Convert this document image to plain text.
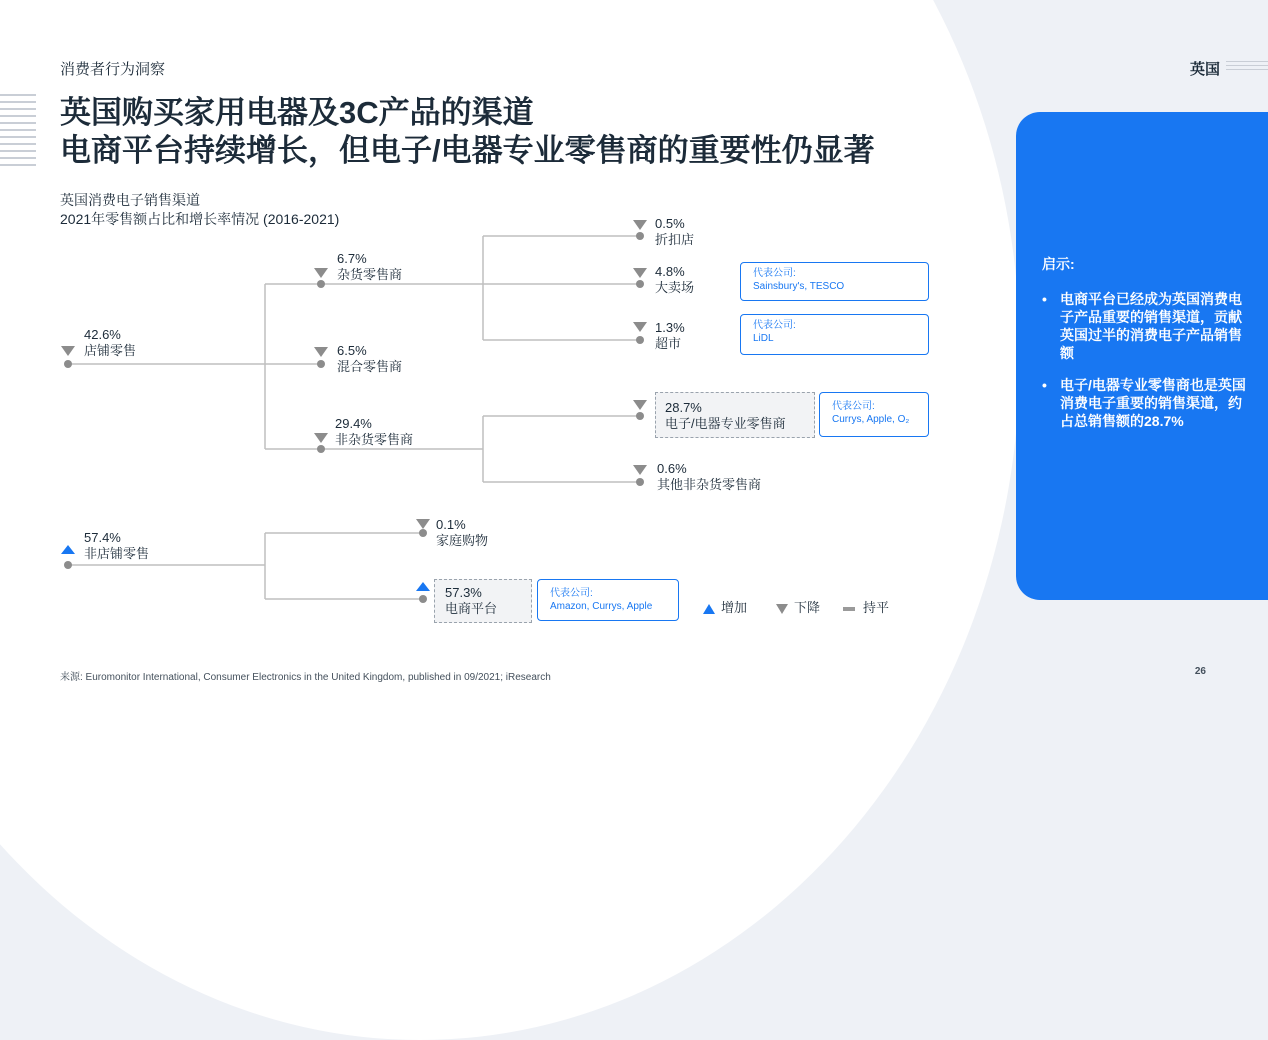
消费者行为洞察	英国
英国购买家用电器及3C产品的渠道
电商平台持续增长，但电子/电器专业零售商的重要性仍显著
英国消费电子销售渠道
2021年零售额占比和增长率情况 (2016-2021)
42.6%
店铺零售
6.7%
杂货零售商
6.5%
混合零售商
29.4%
非杂货零售商
0.5%
折扣店
4.8%
大卖场
1.3%
超市
28.7%
电子/电器专业零售商
0.6%
其他非杂货零售商
57.4%
非店铺零售
0.1%
家庭购物
57.3%
电商平台
代表公司:
Sainsbury's, TESCO
代表公司:
LiDL
代表公司:
Currys, Apple, O₂
代表公司:
Amazon, Currys, Apple	增加	下降	持平
启示:
• 电商平台已经成为英国消费电子产品重要的销售渠道，贡献英国过半的消费电子产品销售额
• 电子/电器专业零售商也是英国消费电子重要的销售渠道，约占总销售额的28.7%
来源: Euromonitor International, Consumer Electronics in the United Kingdom, published in 09/2021; iResearch
26
